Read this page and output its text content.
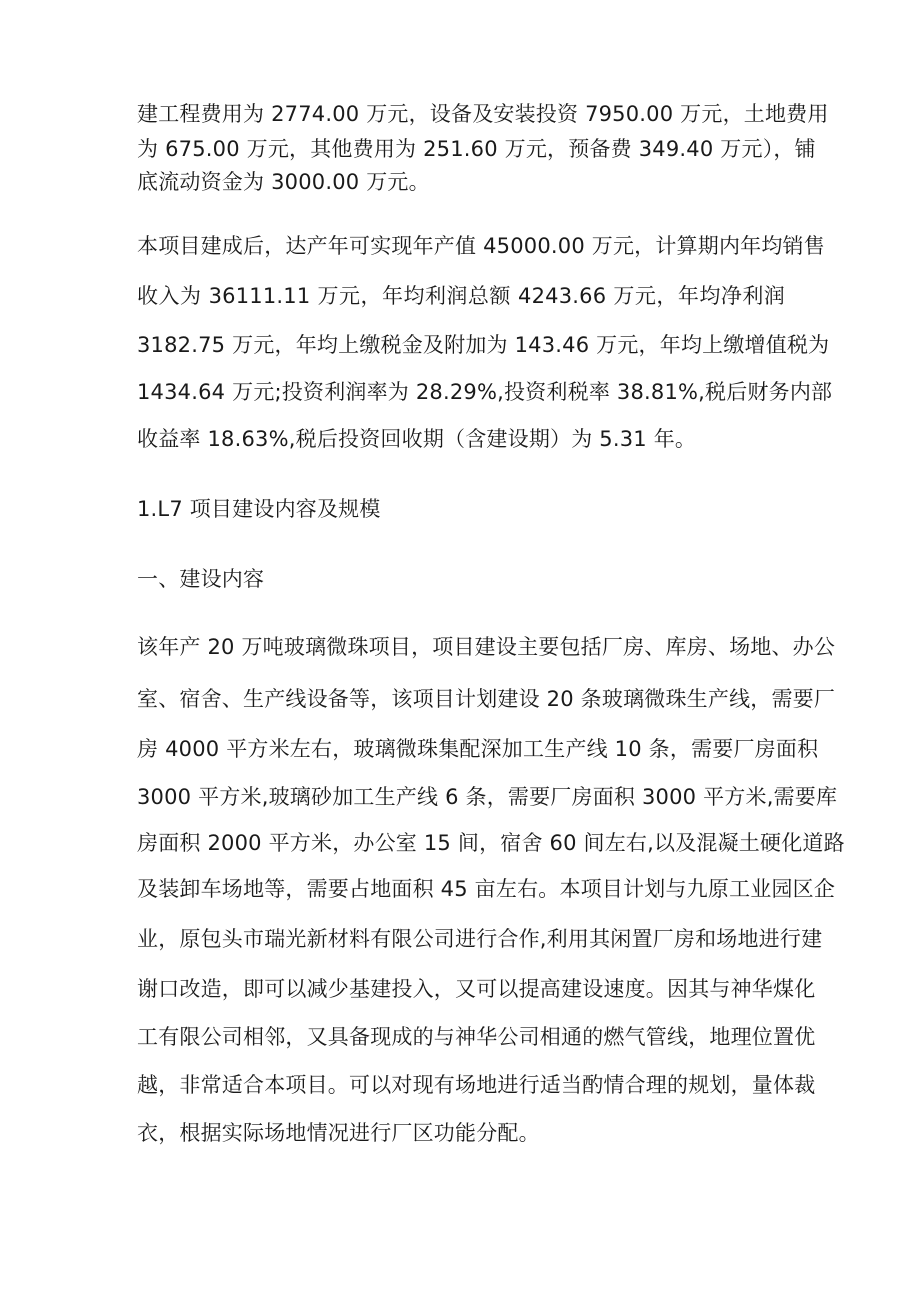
建工程费用为 2774.00 万元，设备及安装投资 7950.00 万元，土地费用
为 675.00 万元，其他费用为 251.60 万元，预备费 349.40 万元），铺
底流动资金为 3000.00 万元。
本项目建成后，达产年可实现年产值 45000.00 万元，计算期内年均销售
收入为 36111.11 万元，年均利润总额 4243.66 万元，年均净利润
3182.75 万元，年均上缴税金及附加为 143.46 万元，年均上缴增值税为
1434.64 万元;投资利润率为 28.29%,投资利税率 38.81%,税后财务内部
收益率 18.63%,税后投资回收期（含建设期）为 5.31 年。
1.L7 项目建设内容及规模
一、建设内容
该年产 20 万吨玻璃微珠项目，项目建设主要包括厂房、库房、场地、办公
室、宿舍、生产线设备等，该项目计划建设 20 条玻璃微珠生产线，需要厂
房 4000 平方米左右，玻璃微珠集配深加工生产线 10 条，需要厂房面积
3000 平方米,玻璃砂加工生产线 6 条，需要厂房面积 3000 平方米,需要库
房面积 2000 平方米，办公室 15 间，宿舍 60 间左右,以及混凝土硬化道路
及装卸车场地等，需要占地面积 45 亩左右。本项目计划与九原工业园区企
业，原包头市瑞光新材料有限公司进行合作,利用其闲置厂房和场地进行建
谢口改造，即可以减少基建投入，又可以提高建设速度。因其与神华煤化
工有限公司相邻，又具备现成的与神华公司相通的燃气管线，地理位置优
越，非常适合本项目。可以对现有场地进行适当酌情合理的规划，量体裁
衣，根据实际场地情况进行厂区功能分配。
